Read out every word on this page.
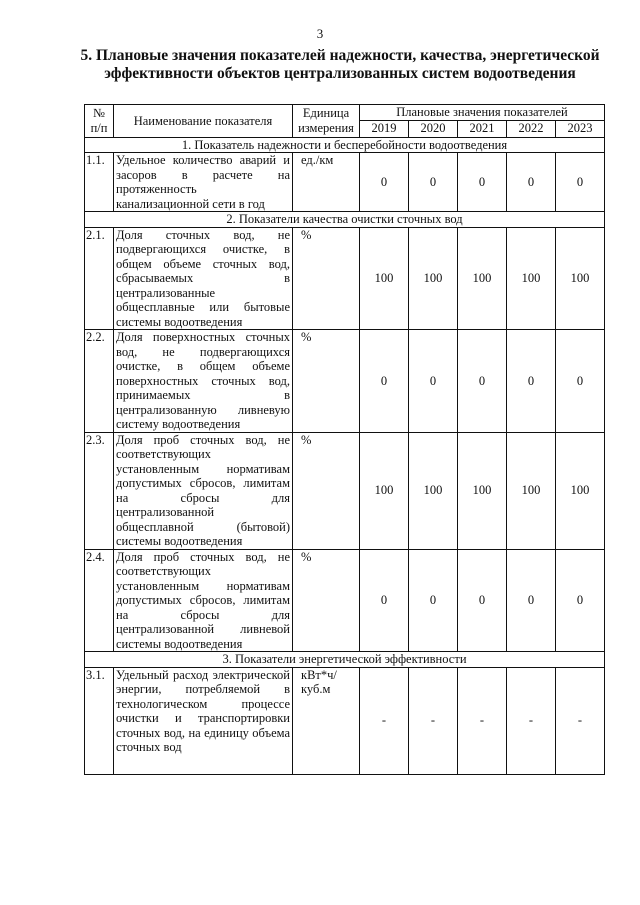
3
5. Плановые значения показателей надежности, качества, энергетической эффективности объектов централизованных систем водоотведения
№ п/п	Наименование показателя	Единица измерения	Плановые значения показателей				
			2019	2020	2021	2022	2023
1. Показатель надежности и бесперебойности водоотведения							
1.1.	Удельное количество аварий и засоров в расчете на протяженность канализационной сети в год	ед./км	0	0	0	0	0
2. Показатели качества очистки сточных вод							
2.1.	Доля сточных вод, не подвергающихся очистке, в общем объеме сточных вод, сбрасываемых в централизованные общесплавные или бытовые системы водоотведения	%	100	100	100	100	100
2.2.	Доля поверхностных сточных вод, не подвергающихся очистке, в общем объеме поверхностных сточных вод, принимаемых в централизованную ливневую систему водоотведения	%	0	0	0	0	0
2.3.	Доля проб сточных вод, не соответствующих установленным нормативам допустимых сбросов, лимитам на сбросы для централизованной общесплавной (бытовой) системы водоотведения	%	100	100	100	100	100
2.4.	Доля проб сточных вод, не соответствующих установленным нормативам допустимых сбросов, лимитам на сбросы для централизованной ливневой системы водоотведения	%	0	0	0	0	0
3. Показатели энергетической эффективности							
3.1.	Удельный расход электрической энергии, потребляемой в технологическом процессе очистки и транспортировки сточных вод, на единицу объема сточных вод	кВт*ч/ куб.м	-	-	-	-	-
